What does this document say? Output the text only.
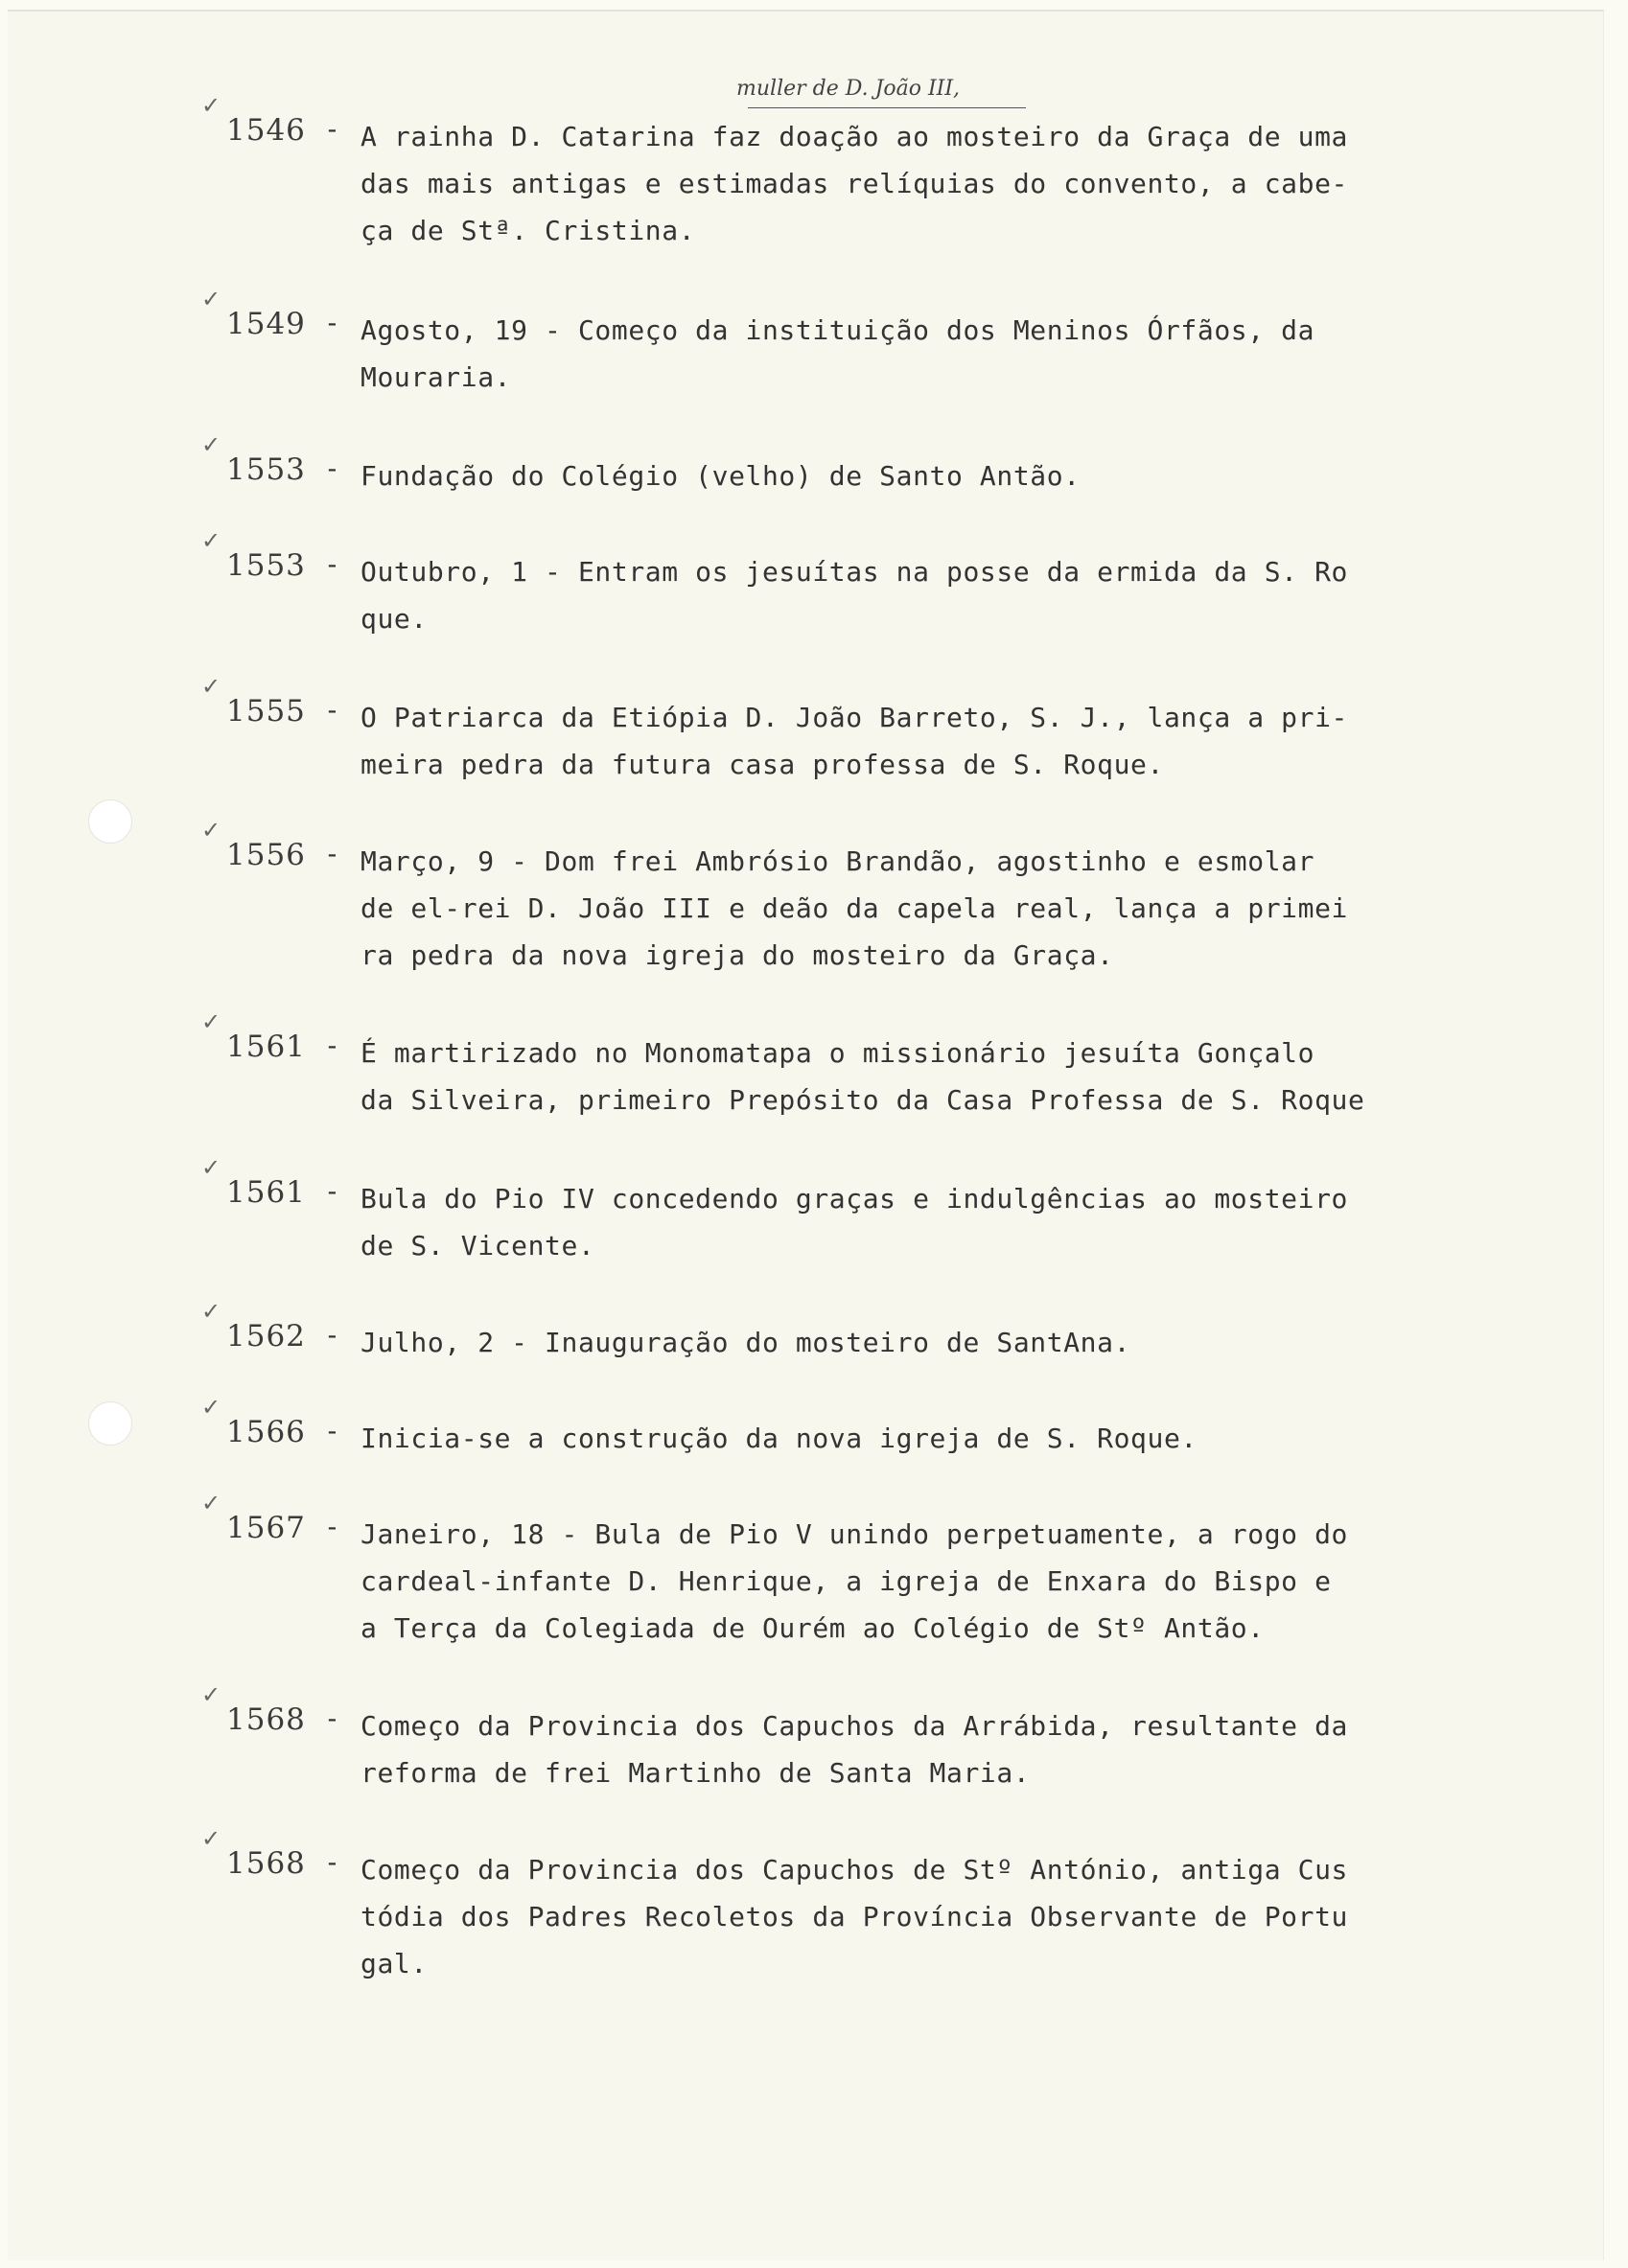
muller de D. João III,
✓
1546 - A rainha D. Catarina faz doação ao mosteiro da Graça de uma
das mais antigas e estimadas relíquias do convento, a cabe-
ça de Stª. Cristina.
✓
1549 - Agosto, 19 - Começo da instituição dos Meninos Órfãos, da
Mouraria.
✓
1553 - Fundação do Colégio (velho) de Santo Antão.
✓
1553 - Outubro, 1 - Entram os jesuítas na posse da ermida da S. Ro
que.
✓
1555 - O Patriarca da Etiópia D. João Barreto, S. J., lança a pri-
meira pedra da futura casa professa de S. Roque.
✓
1556 - Março, 9 - Dom frei Ambrósio Brandão, agostinho e esmolar
de el-rei D. João III e deão da capela real, lança a primei
ra pedra da nova igreja do mosteiro da Graça.
✓
1561 - É martirizado no Monomatapa o missionário jesuíta Gonçalo
da Silveira, primeiro Prepósito da Casa Professa de S. Roque
✓
1561 - Bula do Pio IV concedendo graças e indulgências ao mosteiro
de S. Vicente.
✓
1562 - Julho, 2 - Inauguração do mosteiro de SantAna.
✓
1566 - Inicia-se a construção da nova igreja de S. Roque.
✓
1567 - Janeiro, 18 - Bula de Pio V unindo perpetuamente, a rogo do
cardeal-infante D. Henrique, a igreja de Enxara do Bispo e
a Terça da Colegiada de Ourém ao Colégio de Stº Antão.
✓
1568 - Começo da Provincia dos Capuchos da Arrábida, resultante da
reforma de frei Martinho de Santa Maria.
✓
1568 - Começo da Provincia dos Capuchos de Stº António, antiga Cus
tódia dos Padres Recoletos da Província Observante de Portu
gal.
